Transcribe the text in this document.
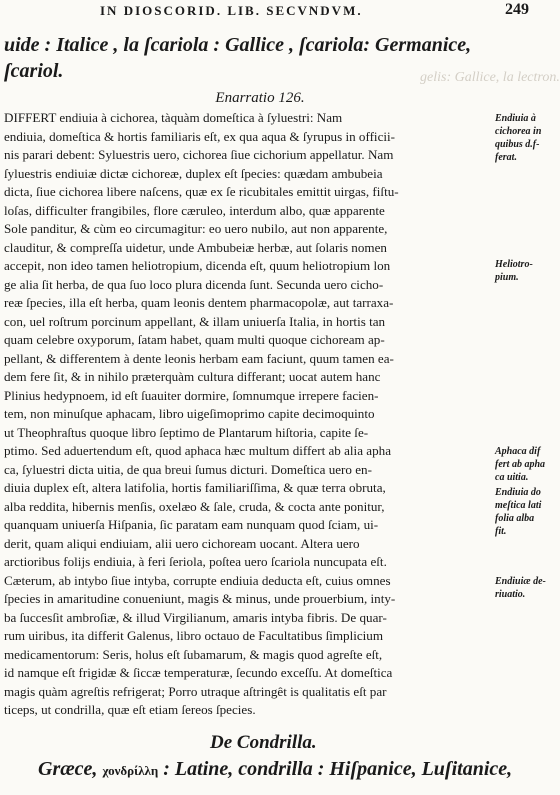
IN DIOSCORID. LIB. SECVNDVM.	249
gelis: Gallice, la lectron.
uide : Italice , la ſcariola : Gallice , ſcariola: Germanice,
ſcariol.
Enarratio 126.
DIFFERT endiuia à cichorea, tàquàm domeſtica à ſyluestri: Nam
endiuia, domeſtica & hortis familiaris eſt, ex qua aqua & ſyrupus in officii-
nis parari debent: Syluestris uero, cichorea ſiue cichorium appellatur. Nam
ſyluestris endiuiæ dictæ cichoreæ, duplex eſt ſpecies: quædam ambubeia
dicta, ſiue cichorea libere naſcens, quæ ex ſe ricubitales emittit uirgas, fiſtu-
loſas, difficulter frangibiles, flore cæruleo, interdum albo, quæ apparente
Sole panditur, & cùm eo circumagitur: eo uero nubilo, aut non apparente,
clauditur, & compreſſa uidetur, unde Ambubeiæ herbæ, aut ſolaris nomen
accepit, non ideo tamen heliotropium, dicenda eſt, quum heliotropium lon
ge alia ſit herba, de qua ſuo loco plura dicenda ſunt. Secunda uero cicho-
reæ ſpecies, illa eſt herba, quam leonis dentem pharmacopolæ, aut tarraxa-
con, uel roſtrum porcinum appellant, & illam uniuerſa Italia, in hortis tan
quam celebre oxyporum, ſatam habet, quam multi quoque cichoream ap-
pellant, & differentem à dente leonis herbam eam faciunt, quum tamen ea-
dem fere ſit, & in nihilo præterquàm cultura differant; uocat autem hanc
Plinius hedypnoem, id eſt ſuauiter dormire, ſomnumque irrepere facien-
tem, non minuſque aphacam, libro uigeſimoprimo capite decimoquinto
ut Theophraſtus quoque libro ſeptimo de Plantarum hiſtoria, capite ſe-
ptimo. Sed aduertendum eſt, quod aphaca hæc multum differt ab alia apha
ca, ſyluestri dicta uitia, de qua breui ſumus dicturi. Domeſtica uero en-
diuia duplex eſt, altera latifolia, hortis familiariſſima, & quæ terra obruta,
alba reddita, hibernis menſis, oxelæo & ſale, cruda, & cocta ante ponitur,
quanquam uniuerſa Hiſpania, ſic paratam eam nunquam quod ſciam, ui-
derit, quam aliqui endiuiam, alii uero cichoream uocant. Altera uero
arctioribus folijs endiuia, à feri ſeriola, poſtea uero ſcariola nuncupata eſt.
Cæterum, ab intybo ſiue intyba, corrupte endiuia deducta eſt, cuius omnes
ſpecies in amaritudine conueniunt, magis & minus, unde prouerbium, inty-
ba ſuccesſit ambroſiæ, & illud Virgilianum, amaris intyba fibris. De quar-
rum uiribus, ita differit Galenus, libro octauo de Facultatibus ſimplicium
medicamentorum: Seris, holus eſt ſubamarum, & magis quod agreſte eſt,
id namque eſt frigidæ & ſiccæ temperaturæ, ſecundo exceſſu. At domeſtica
magis quàm agreſtis refrigerat; Porro utraque aſtringêt is qualitatis eſt par
ticeps, ut condrilla, quæ eſt etiam ſereos ſpecies.
Endiuia à
cichorea in
quibus d.f-
ferat.
Heliotro-
pium.
Aphaca dif
fert ab apha
ca uitia.
Endiuia do
meſtica lati
folia alba
fit.
Endiuiæ de-
riuatio.
De Condrilla.
Græce, χονδρίλλη : Latine, condrilla : Hiſpanice, Luſitanice,
